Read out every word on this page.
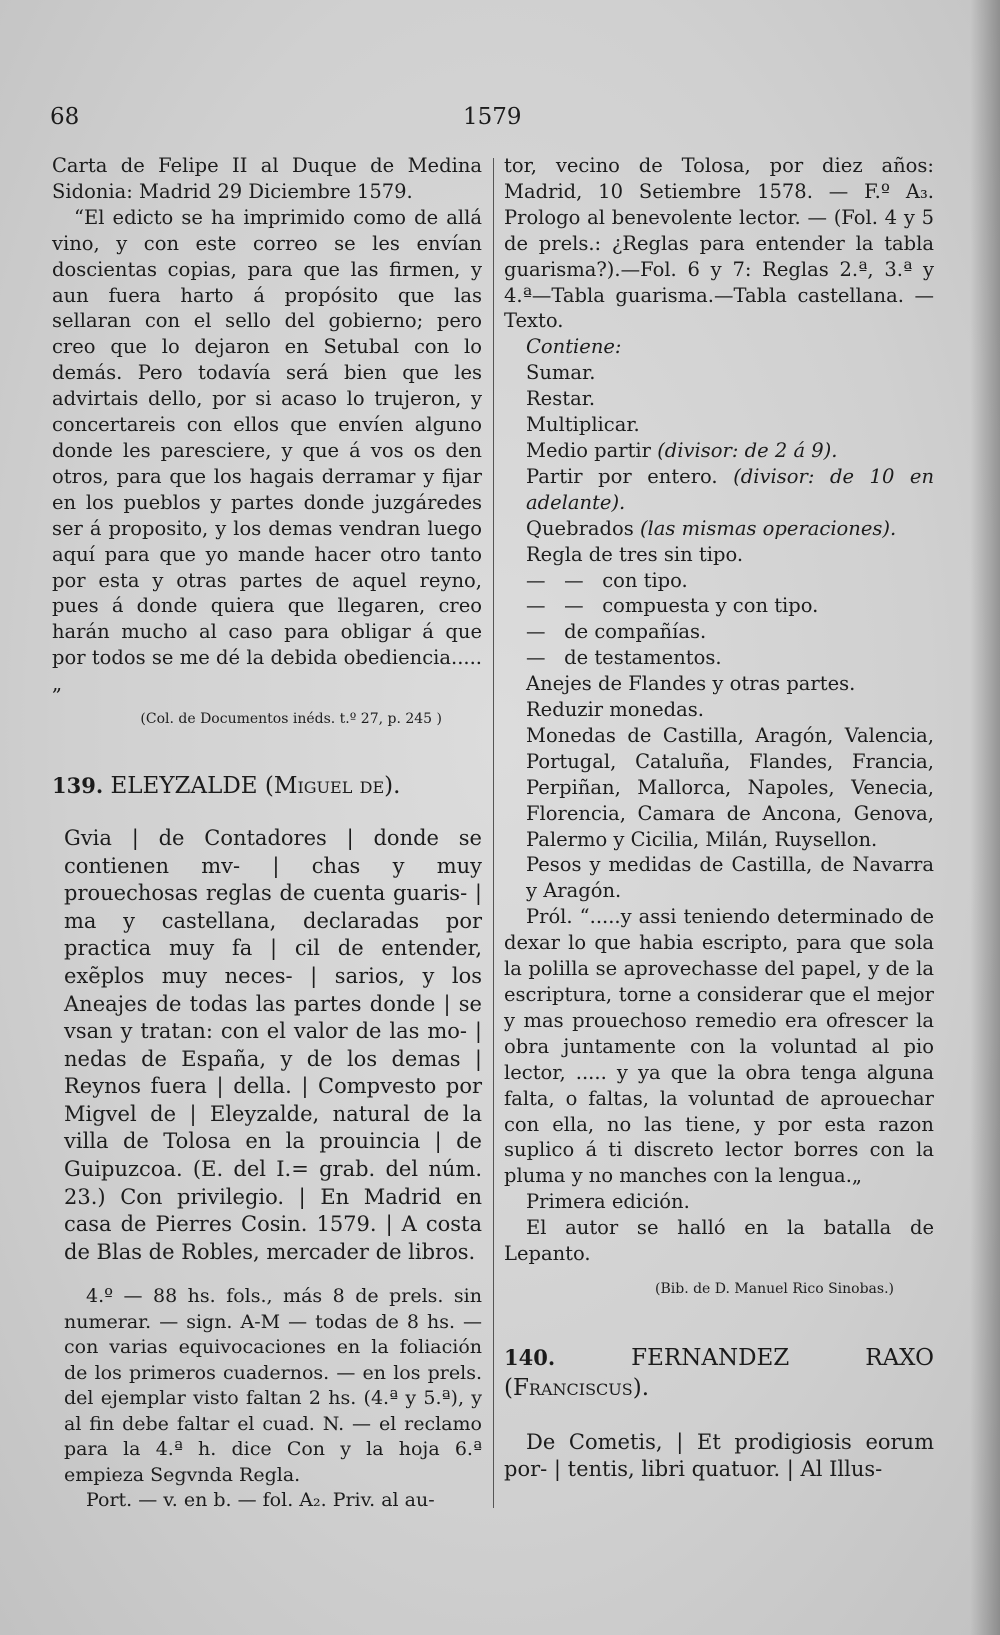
68	1579

Carta de Felipe II al Duque de Medina Sidonia: Madrid 29 Diciembre 1579.

“El edicto se ha imprimido como de allá vino, y con este correo se les envían doscientas copias, para que las firmen, y aun fuera harto á propósito que las sellaran con el sello del gobierno; pero creo que lo dejaron en Setubal con lo demás. Pero todavía será bien que les advirtais dello, por si acaso lo trujeron, y concertareis con ellos que envíen alguno donde les paresciere, y que á vos os den otros, para que los hagais derramar y fijar en los pueblos y partes donde juzgáredes ser á proposito, y los demas vendran luego aquí para que yo mande hacer otro tanto por esta y otras partes de aquel reyno, pues á donde quiera que llegaren, creo harán mucho al caso para obligar á que por todos se me dé la debida obediencia.....„

(Col. de Documentos inéds. t.º 27, p. 245 )

139. ELEYZALDE (Miguel de).

Gvia | de Contadores | donde se contienen mv- | chas y muy prouechosas reglas de cuenta guaris- | ma y castellana, declaradas por practica muy fa | cil de entender, exẽplos muy neces- | sarios, y los Aneajes de todas las partes donde | se vsan y tratan: con el valor de las mo- | nedas de España, y de los demas | Reynos fuera | della. | Compvesto por Migvel de | Eleyzalde, natural de la villa de Tolosa en la prouincia | de Guipuzcoa. (E. del I.= grab. del núm. 23.) Con privilegio. | En Madrid en casa de Pierres Cosin. 1579. | A costa de Blas de Robles, mercader de libros.

4.º — 88 hs. fols., más 8 de prels. sin numerar. — sign. A-M — todas de 8 hs. — con varias equivocaciones en la foliación de los primeros cuadernos. — en los prels. del ejemplar visto faltan 2 hs. (4.ª y 5.ª), y al fin debe faltar el cuad. N. — el reclamo para la 4.ª h. dice Con y la hoja 6.ª empieza Segvnda Regla.

Port. — v. en b. — fol. A₂. Priv. al au-

tor, vecino de Tolosa, por diez años: Madrid, 10 Setiembre 1578. — F.º A₃. Prologo al benevolente lector. — (Fol. 4 y 5 de prels.: ¿Reglas para entender la tabla guarisma?).—Fol. 6 y 7: Reglas 2.ª, 3.ª y 4.ª—Tabla guarisma.—Tabla castellana. — Texto.

Contiene:

Sumar.

Restar.

Multiplicar.

Medio partir (divisor: de 2 á 9).

Partir por entero. (divisor: de 10 en adelante).

Quebrados (las mismas operaciones).

Regla de tres sin tipo.

—   —   con tipo.

—   —   compuesta y con tipo.

—   de compañías.

—   de testamentos.

Anejes de Flandes y otras partes.

Reduzir monedas.

Monedas de Castilla, Aragón, Valencia, Portugal, Cataluña, Flandes, Francia, Perpiñan, Mallorca, Napoles, Venecia, Florencia, Camara de Ancona, Genova, Palermo y Cicilia, Milán, Ruysellon.

Pesos y medidas de Castilla, de Navarra y Aragón.

Pról. “.....y assi teniendo determinado de dexar lo que habia escripto, para que sola la polilla se aprovechasse del papel, y de la escriptura, torne a considerar que el mejor y mas prouechoso remedio era ofrescer la obra juntamente con la voluntad al pio lector, ..... y ya que la obra tenga alguna falta, o faltas, la voluntad de aprouechar con ella, no las tiene, y por esta razon suplico á ti discreto lector borres con la pluma y no manches con la lengua.„

Primera edición.

El autor se halló en la batalla de Lepanto.

(Bib. de D. Manuel Rico Sinobas.)

140.	FERNANDEZ RAXO (Franciscus).

De Cometis, | Et prodigiosis eorum por- | tentis, libri quatuor. | Al Illus-
